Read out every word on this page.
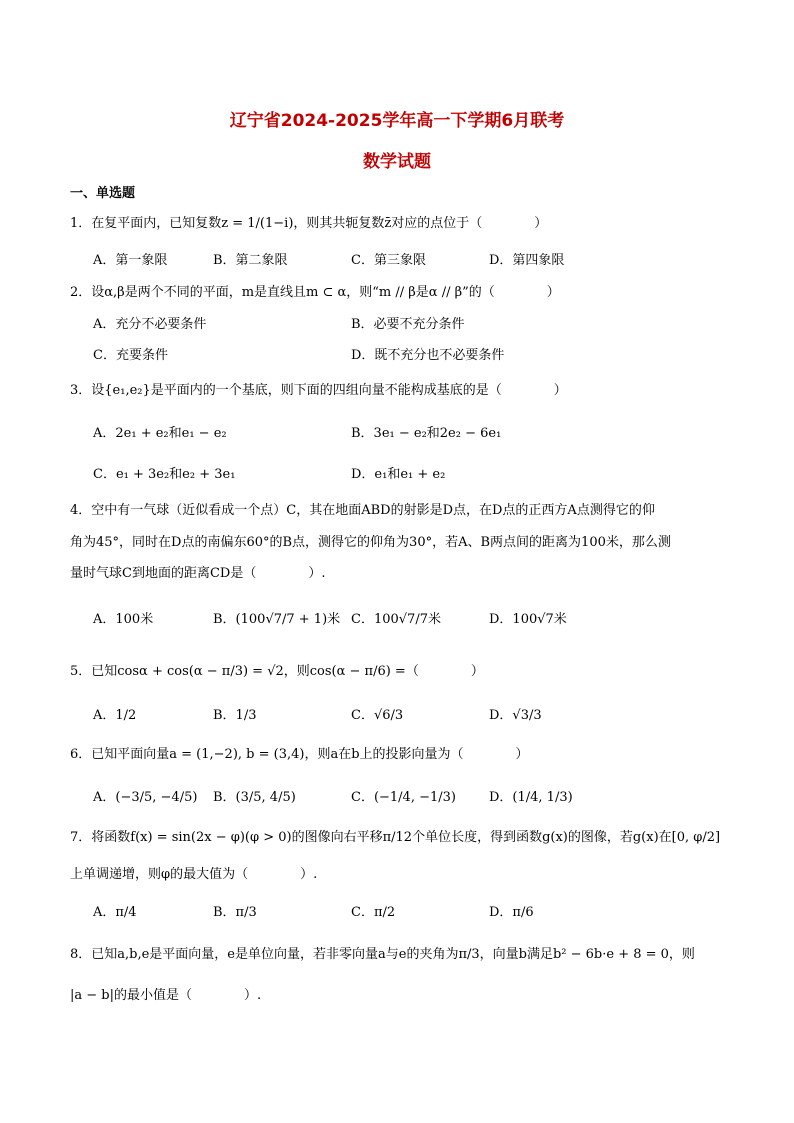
辽宁省2024-2025学年高一下学期6月联考
数学试题
一、单选题
1．在复平面内，已知复数z = 1/(1−i)，则其共轭复数z̄对应的点位于（　　　　）
A．第一象限	B．第二象限	C．第三象限	D．第四象限
2．设α,β是两个不同的平面，m是直线且m ⊂ α，则“m // β是α // β”的（　　　　）
A．充分不必要条件	B．必要不充分条件
C．充要条件	D．既不充分也不必要条件
3．设{e₁,e₂}是平面内的一个基底，则下面的四组向量不能构成基底的是（　　　　）
A．2e₁ + e₂和e₁ − e₂	B．3e₁ − e₂和2e₂ − 6e₁
C．e₁ + 3e₂和e₂ + 3e₁	D．e₁和e₁ + e₂
4．空中有一气球（近似看成一个点）C，其在地面ABD的射影是D点，在D点的正西方A点测得它的仰
角为45°，同时在D点的南偏东60°的B点，测得它的仰角为30°，若A、B两点间的距离为100米，那么测
量时气球C到地面的距离CD是（　　　　）.
A．100米	B．(100√7/7 + 1)米 C．100√7/7米	D．100√7米
5．已知cosα + cos(α − π/3) = √2，则cos(α − π/6) =（　　　　）
A．1/2	B．1/3	C．√6/3	D．√3/3
6．已知平面向量a = (1,−2), b = (3,4)，则a在b上的投影向量为（　　　　）
A．(−3/5, −4/5) B．(3/5, 4/5)	C．(−1/4, −1/3)	D．(1/4, 1/3)
7．将函数f(x) = sin(2x − φ)(φ > 0)的图像向右平移π/12个单位长度，得到函数g(x)的图像，若g(x)在[0, φ/2]
上单调递增，则φ的最大值为（　　　　）.
A．π/4	B．π/3	C．π/2	D．π/6
8．已知a,b,e是平面向量，e是单位向量，若非零向量a与e的夹角为π/3，向量b满足b² − 6b·e + 8 = 0，则
|a − b|的最小值是（　　　　）.
